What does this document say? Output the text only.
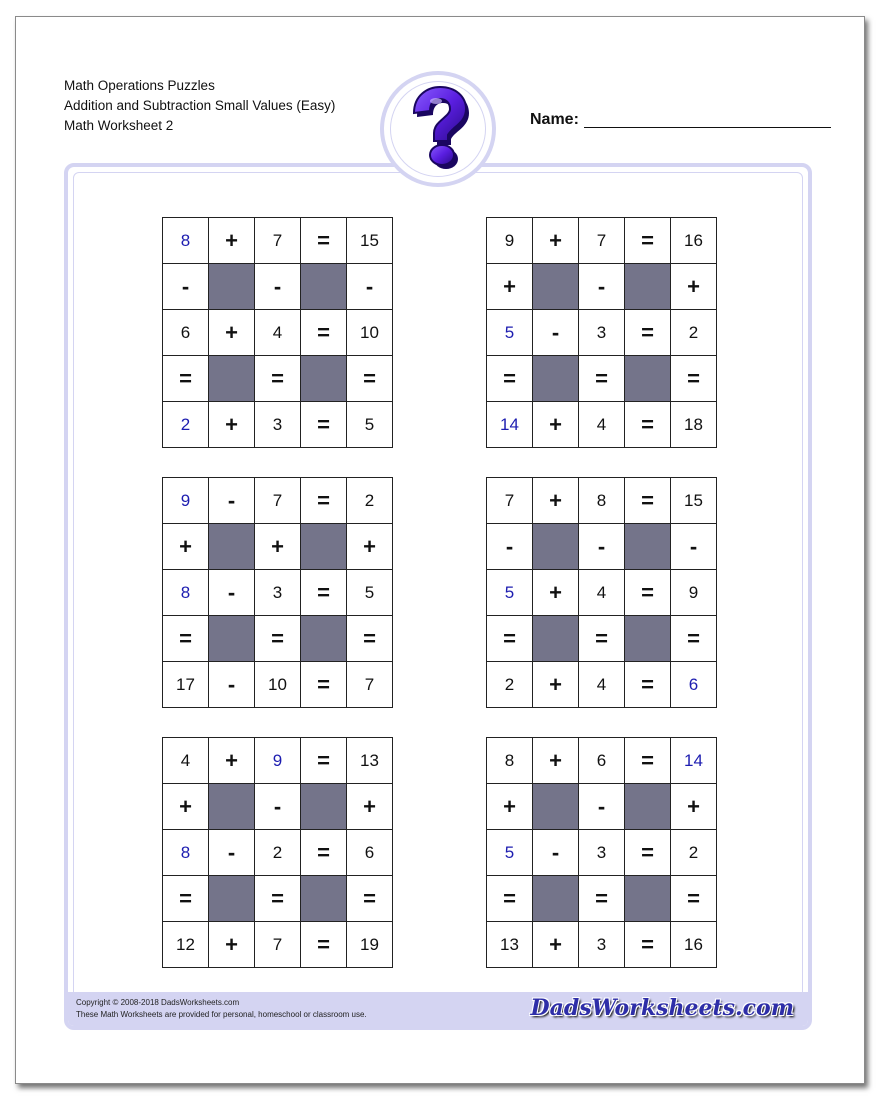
Math Operations Puzzles
Addition and Subtraction Small Values (Easy)
Math Worksheet 2	Name:
8	+	7	=	15
-		-		-
6	+	4	=	10
=		=		=
2	+	3	=	5
9	+	7	=	16
+		-		+
5	-	3	=	2
=		=		=
14	+	4	=	18
9	-	7	=	2
+		+		+
8	-	3	=	5
=		=		=
17	-	10	=	7
7	+	8	=	15
-		-		-
5	+	4	=	9
=		=		=
2	+	4	=	6
4	+	9	=	13
+		-		+
8	-	2	=	6
=		=		=
12	+	7	=	19
8	+	6	=	14
+		-		+
5	-	3	=	2
=		=		=
13	+	3	=	16
Copyright © 2008-2018 DadsWorksheets.com
These Math Worksheets are provided for personal, homeschool or classroom use.	DadsWorksheets.com
